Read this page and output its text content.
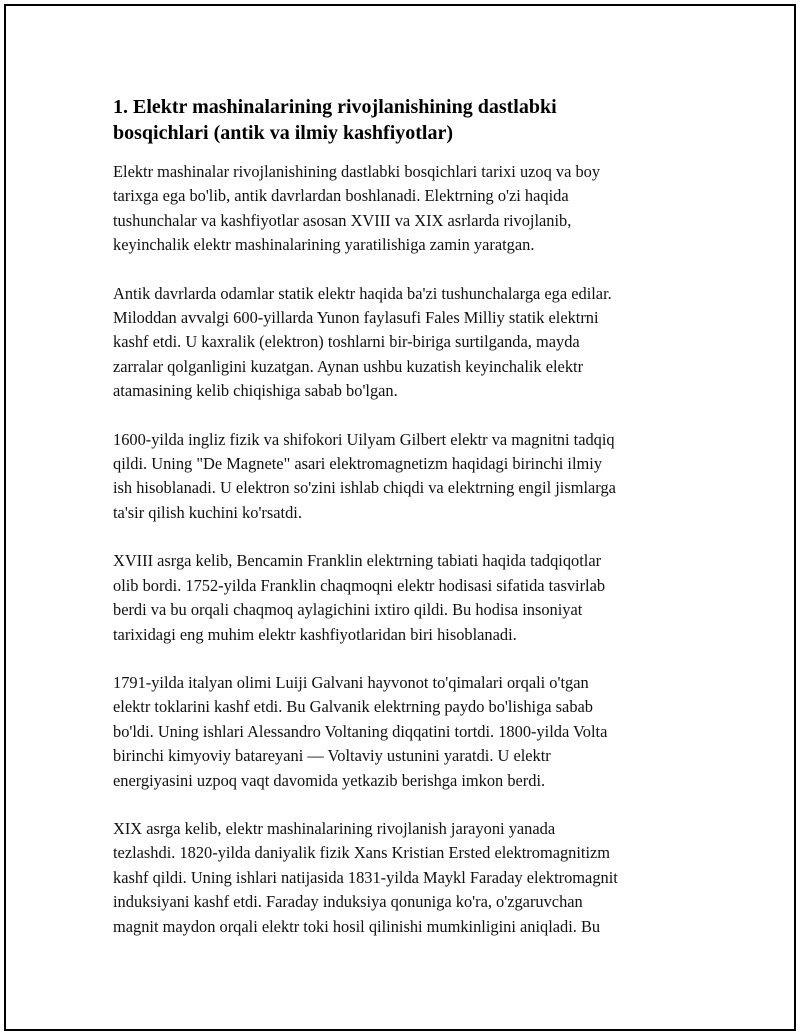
1. Elektr mashinalarining rivojlanishining dastlabki
bosqichlari (antik va ilmiy kashfiyotlar)

Elektr mashinalar rivojlanishining dastlabki bosqichlari tarixi uzoq va boy
tarixga ega bo'lib, antik davrlardan boshlanadi. Elektrning o'zi haqida
tushunchalar va kashfiyotlar asosan XVIII va XIX asrlarda rivojlanib,
keyinchalik elektr mashinalarining yaratilishiga zamin yaratgan.

Antik davrlarda odamlar statik elektr haqida ba'zi tushunchalarga ega edilar.
Miloddan avvalgi 600-yillarda Yunon faylasufi Fales Milliy statik elektrni
kashf etdi. U kaxralik (elektron) toshlarni bir-biriga surtilganda, mayda
zarralar qolganligini kuzatgan. Aynan ushbu kuzatish keyinchalik elektr
atamasining kelib chiqishiga sabab bo'lgan.

1600-yilda ingliz fizik va shifokori Uilyam Gilbert elektr va magnitni tadqiq
qildi. Uning "De Magnete" asari elektromagnetizm haqidagi birinchi ilmiy
ish hisoblanadi. U elektron so'zini ishlab chiqdi va elektrning engil jismlarga
ta'sir qilish kuchini ko'rsatdi.

XVIII asrga kelib, Bencamin Franklin elektrning tabiati haqida tadqiqotlar
olib bordi. 1752-yilda Franklin chaqmoqni elektr hodisasi sifatida tasvirlab
berdi va bu orqali chaqmoq aylagichini ixtiro qildi. Bu hodisa insoniyat
tarixidagi eng muhim elektr kashfiyotlaridan biri hisoblanadi.

1791-yilda italyan olimi Luiji Galvani hayvonot to'qimalari orqali o'tgan
elektr toklarini kashf etdi. Bu Galvanik elektrning paydo bo'lishiga sabab
bo'ldi. Uning ishlari Alessandro Voltaning diqqatini tortdi. 1800-yilda Volta
birinchi kimyoviy batareyani — Voltaviy ustunini yaratdi. U elektr
energiyasini uzpoq vaqt davomida yetkazib berishga imkon berdi.

XIX asrga kelib, elektr mashinalarining rivojlanish jarayoni yanada
tezlashdi. 1820-yilda daniyalik fizik Xans Kristian Ersted elektromagnitizm
kashf qildi. Uning ishlari natijasida 1831-yilda Maykl Faraday elektromagnit
induksiyani kashf etdi. Faraday induksiya qonuniga ko'ra, o'zgaruvchan
magnit maydon orqali elektr toki hosil qilinishi mumkinligini aniqladi. Bu
